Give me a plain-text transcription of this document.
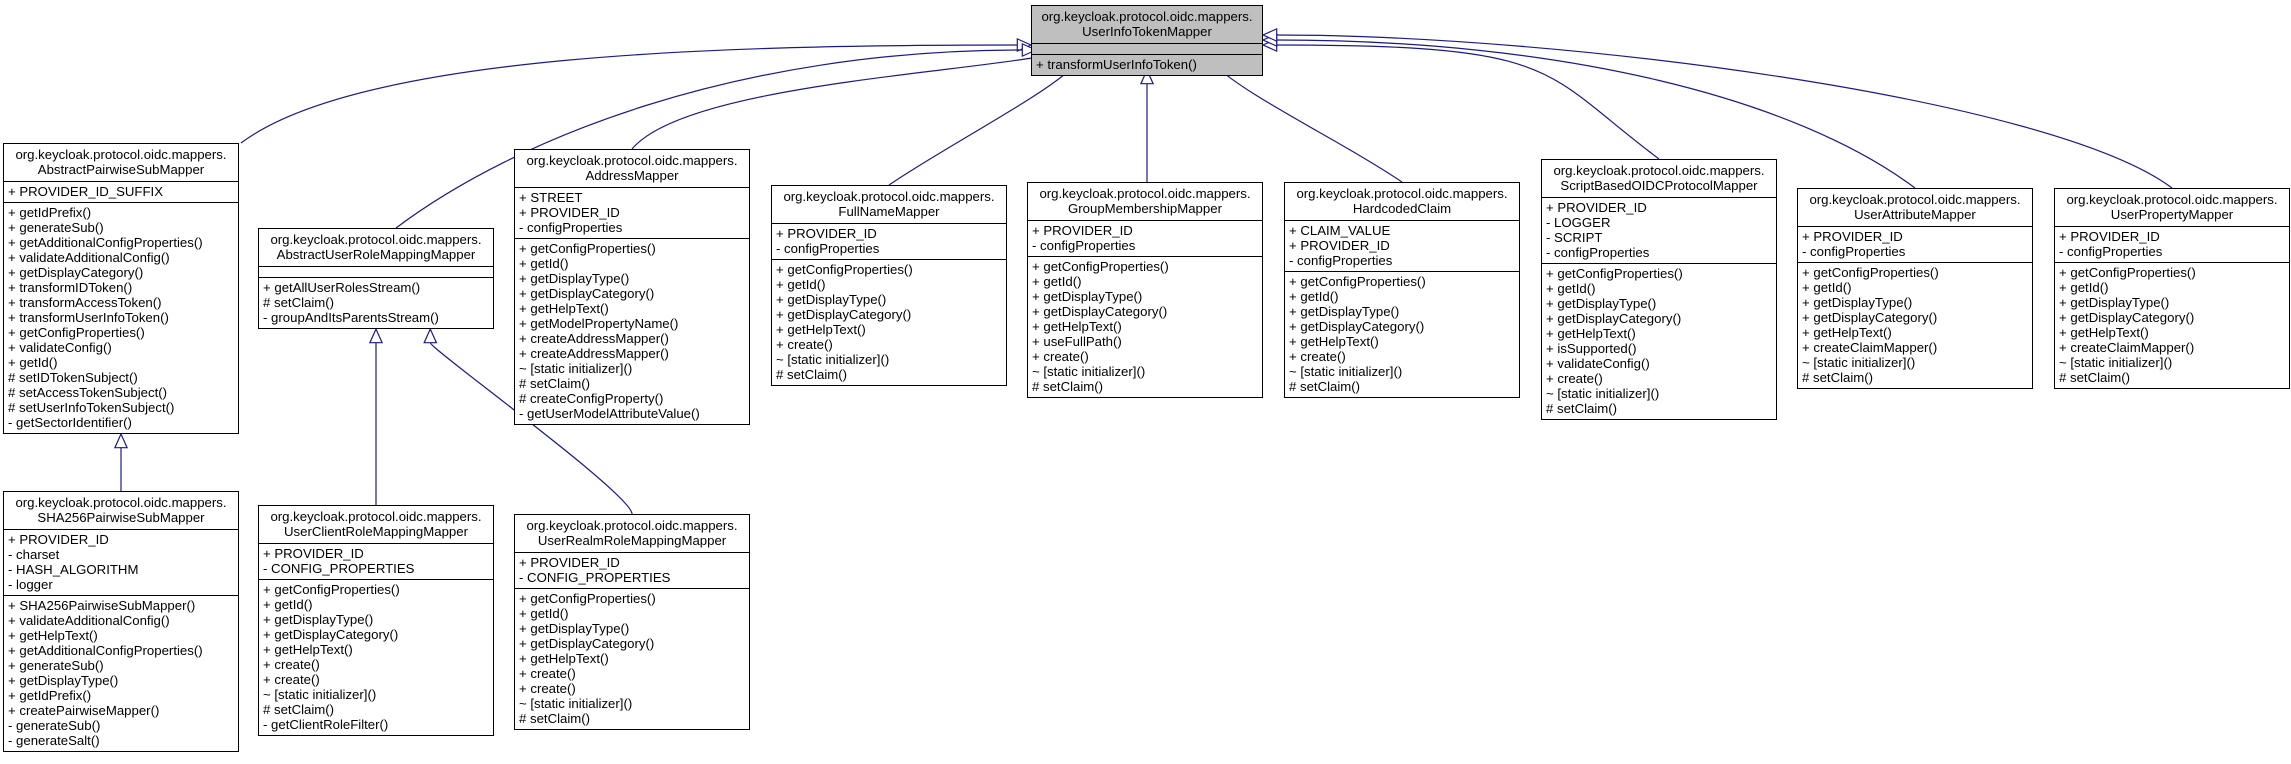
org.keycloak.protocol.oidc.mappers.
UserInfoTokenMapper
+ transformUserInfoToken()
org.keycloak.protocol.oidc.mappers.
AbstractPairwiseSubMapper
+ PROVIDER_ID_SUFFIX
+ getIdPrefix()
+ generateSub()
+ getAdditionalConfigProperties()
+ validateAdditionalConfig()
+ getDisplayCategory()
+ transformIDToken()
+ transformAccessToken()
+ transformUserInfoToken()
+ getConfigProperties()
+ validateConfig()
+ getId()
# setIDTokenSubject()
# setAccessTokenSubject()
# setUserInfoTokenSubject()
- getSectorIdentifier()
org.keycloak.protocol.oidc.mappers.
SHA256PairwiseSubMapper
+ PROVIDER_ID
- charset
- HASH_ALGORITHM
- logger
+ SHA256PairwiseSubMapper()
+ validateAdditionalConfig()
+ getHelpText()
+ getAdditionalConfigProperties()
+ generateSub()
+ getDisplayType()
+ getIdPrefix()
+ createPairwiseMapper()
- generateSub()
- generateSalt()
org.keycloak.protocol.oidc.mappers.
AbstractUserRoleMappingMapper
+ getAllUserRolesStream()
# setClaim()
- groupAndItsParentsStream()
org.keycloak.protocol.oidc.mappers.
UserClientRoleMappingMapper
+ PROVIDER_ID
- CONFIG_PROPERTIES
+ getConfigProperties()
+ getId()
+ getDisplayType()
+ getDisplayCategory()
+ getHelpText()
+ create()
+ create()
~ [static initializer]()
# setClaim()
- getClientRoleFilter()
org.keycloak.protocol.oidc.mappers.
UserRealmRoleMappingMapper
+ PROVIDER_ID
- CONFIG_PROPERTIES
+ getConfigProperties()
+ getId()
+ getDisplayType()
+ getDisplayCategory()
+ getHelpText()
+ create()
+ create()
~ [static initializer]()
# setClaim()
org.keycloak.protocol.oidc.mappers.
AddressMapper
+ STREET
+ PROVIDER_ID
- configProperties
+ getConfigProperties()
+ getId()
+ getDisplayType()
+ getDisplayCategory()
+ getHelpText()
+ getModelPropertyName()
+ createAddressMapper()
+ createAddressMapper()
~ [static initializer]()
# setClaim()
# createConfigProperty()
- getUserModelAttributeValue()
org.keycloak.protocol.oidc.mappers.
FullNameMapper
+ PROVIDER_ID
- configProperties
+ getConfigProperties()
+ getId()
+ getDisplayType()
+ getDisplayCategory()
+ getHelpText()
+ create()
~ [static initializer]()
# setClaim()
org.keycloak.protocol.oidc.mappers.
GroupMembershipMapper
+ PROVIDER_ID
- configProperties
+ getConfigProperties()
+ getId()
+ getDisplayType()
+ getDisplayCategory()
+ getHelpText()
+ useFullPath()
+ create()
~ [static initializer]()
# setClaim()
org.keycloak.protocol.oidc.mappers.
HardcodedClaim
+ CLAIM_VALUE
+ PROVIDER_ID
- configProperties
+ getConfigProperties()
+ getId()
+ getDisplayType()
+ getDisplayCategory()
+ getHelpText()
+ create()
~ [static initializer]()
# setClaim()
org.keycloak.protocol.oidc.mappers.
ScriptBasedOIDCProtocolMapper
+ PROVIDER_ID
- LOGGER
- SCRIPT
- configProperties
+ getConfigProperties()
+ getId()
+ getDisplayType()
+ getDisplayCategory()
+ getHelpText()
+ isSupported()
+ validateConfig()
+ create()
~ [static initializer]()
# setClaim()
org.keycloak.protocol.oidc.mappers.
UserAttributeMapper
+ PROVIDER_ID
- configProperties
+ getConfigProperties()
+ getId()
+ getDisplayType()
+ getDisplayCategory()
+ getHelpText()
+ createClaimMapper()
~ [static initializer]()
# setClaim()
org.keycloak.protocol.oidc.mappers.
UserPropertyMapper
+ PROVIDER_ID
- configProperties
+ getConfigProperties()
+ getId()
+ getDisplayType()
+ getDisplayCategory()
+ getHelpText()
+ createClaimMapper()
~ [static initializer]()
# setClaim()
